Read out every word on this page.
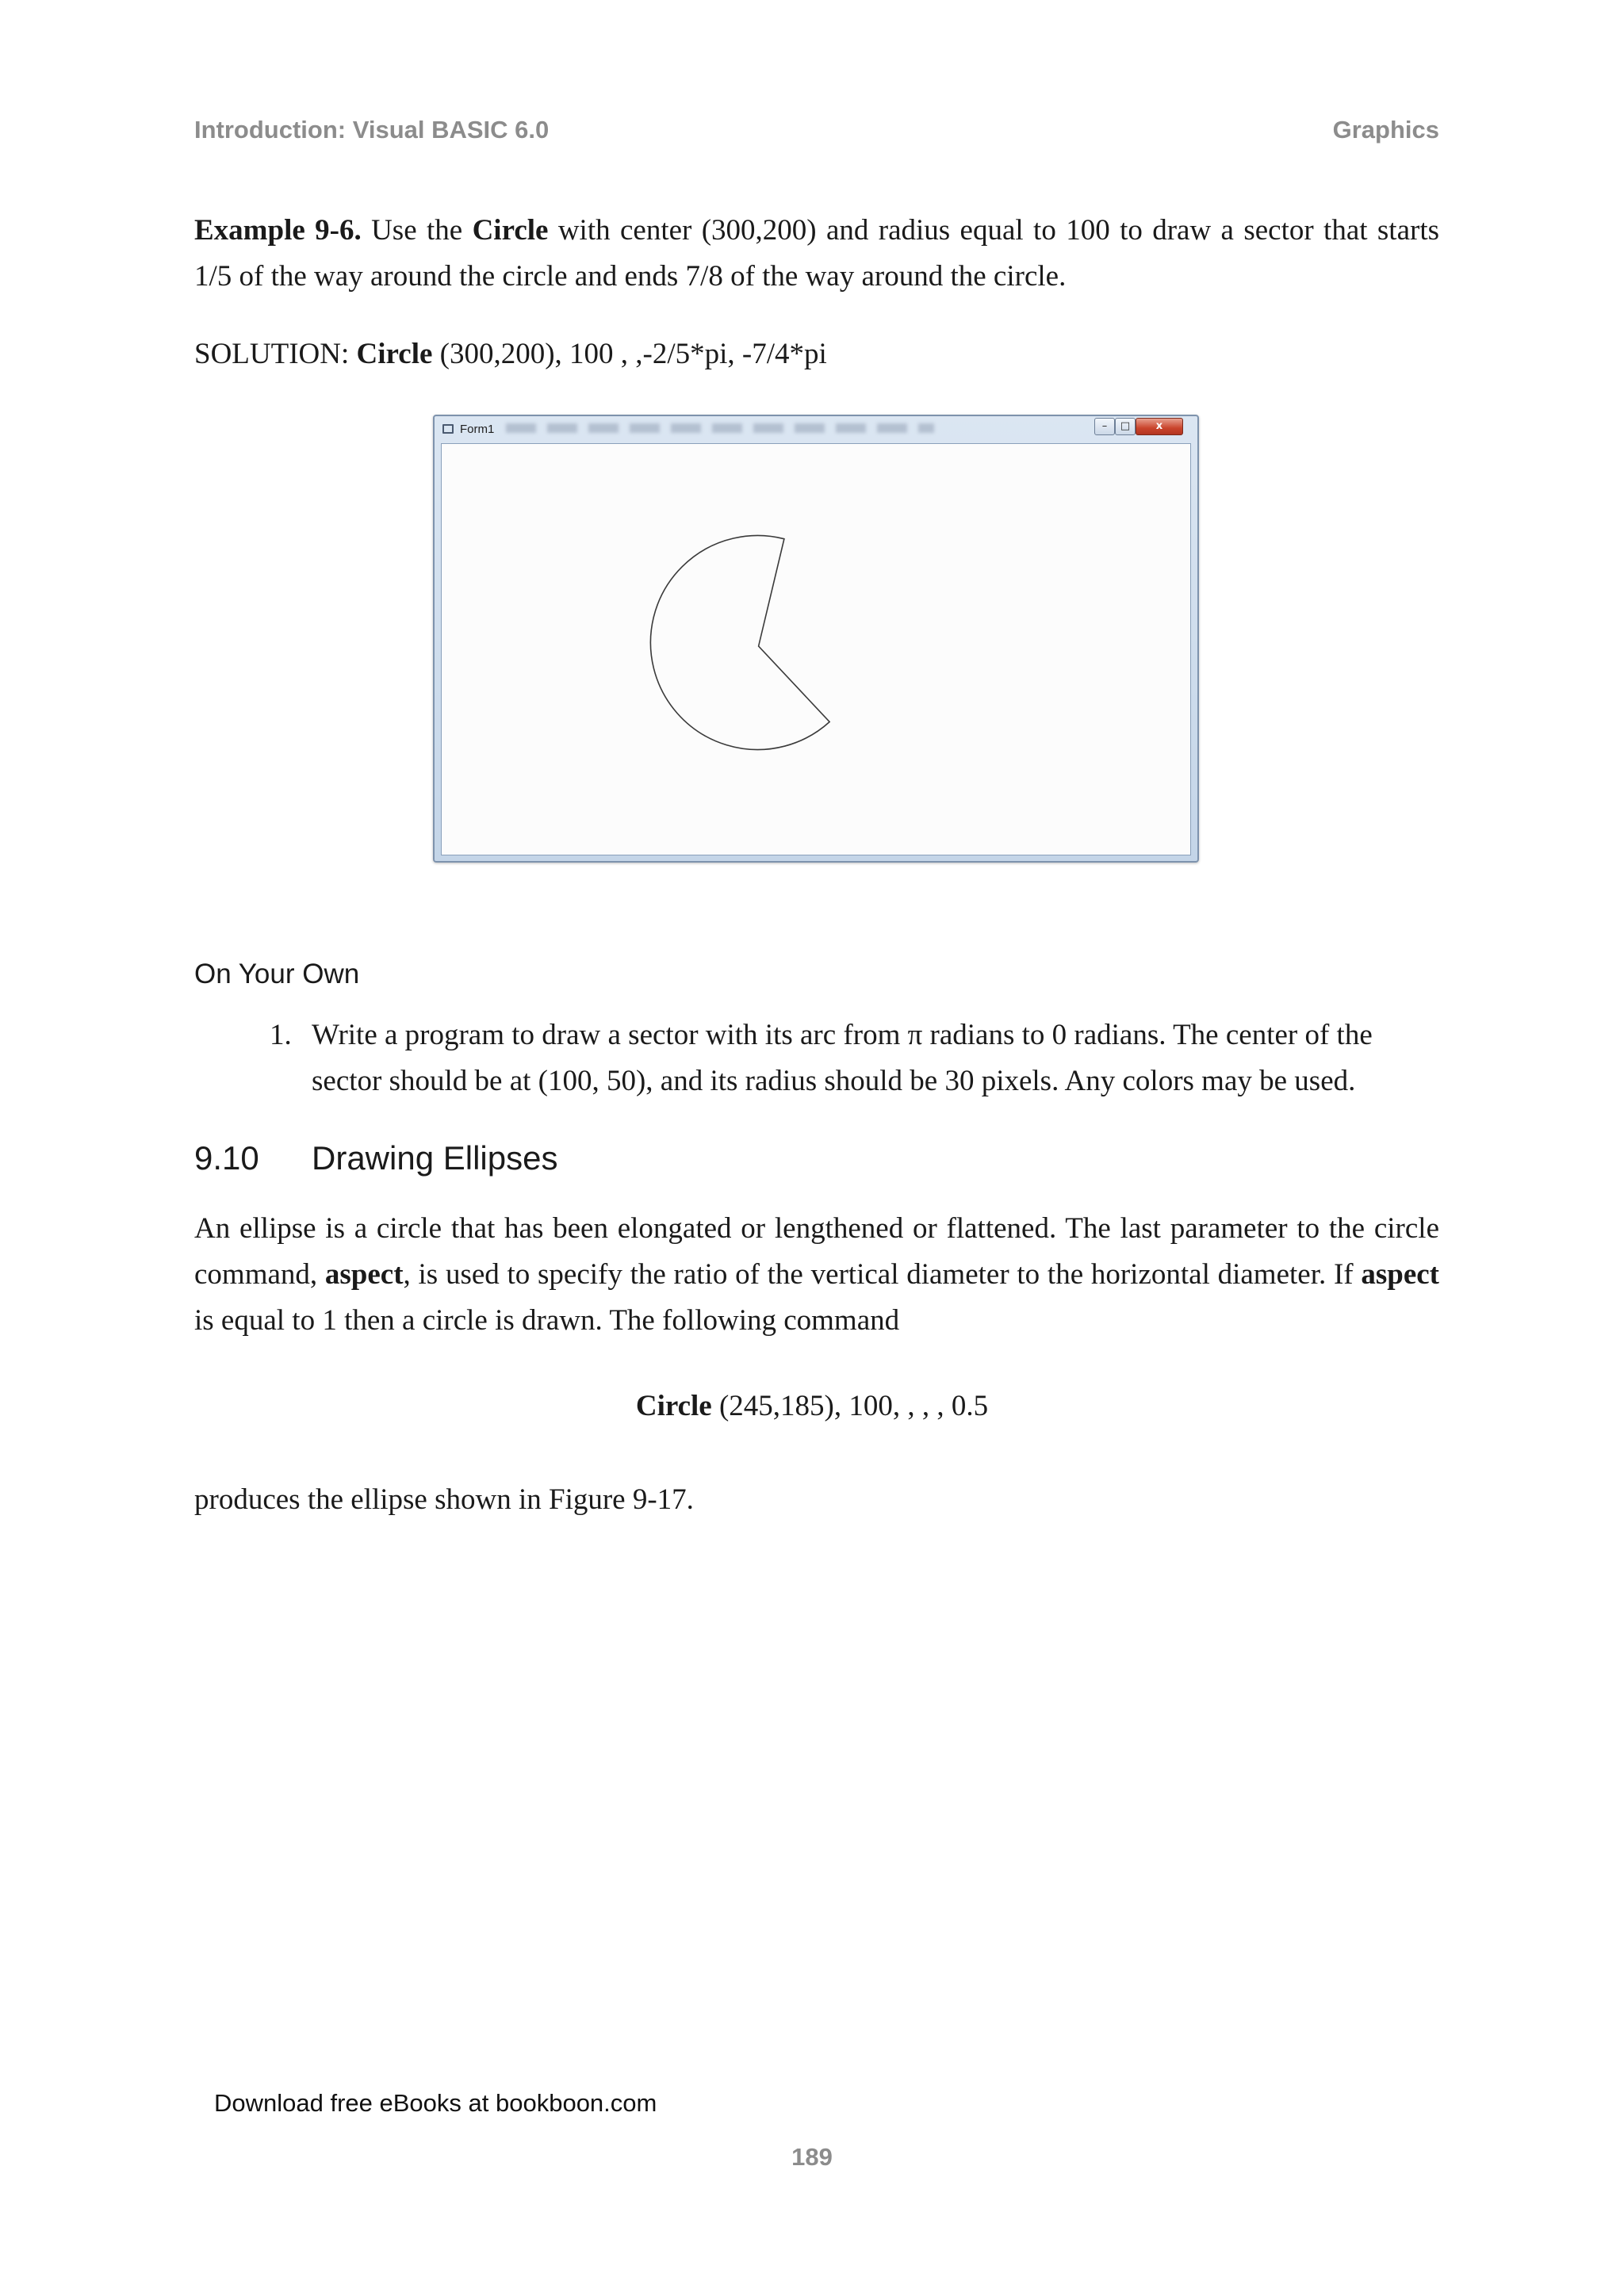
Introduction: Visual BASIC 6.0	Graphics
Example 9-6. Use the Circle with center (300,200) and radius equal to 100 to draw a sector that starts 1/5 of the way around the circle and ends 7/8 of the way around the circle.
SOLUTION: Circle (300,200), 100 , ,-2/5*pi, -7/4*pi
Form1	–	□	x
On Your Own
1. Write a program to draw a sector with its arc from π radians to 0 radians. The center of the sector should be at (100, 50), and its radius should be 30 pixels. Any colors may be used.
9.10 Drawing Ellipses
An ellipse is a circle that has been elongated or lengthened or flattened. The last parameter to the circle command, aspect, is used to specify the ratio of the vertical diameter to the horizontal diameter. If aspect is equal to 1 then a circle is drawn. The following command
Circle (245,185), 100, , , , 0.5
produces the ellipse shown in Figure 9-17.
Download free eBooks at bookboon.com
189
